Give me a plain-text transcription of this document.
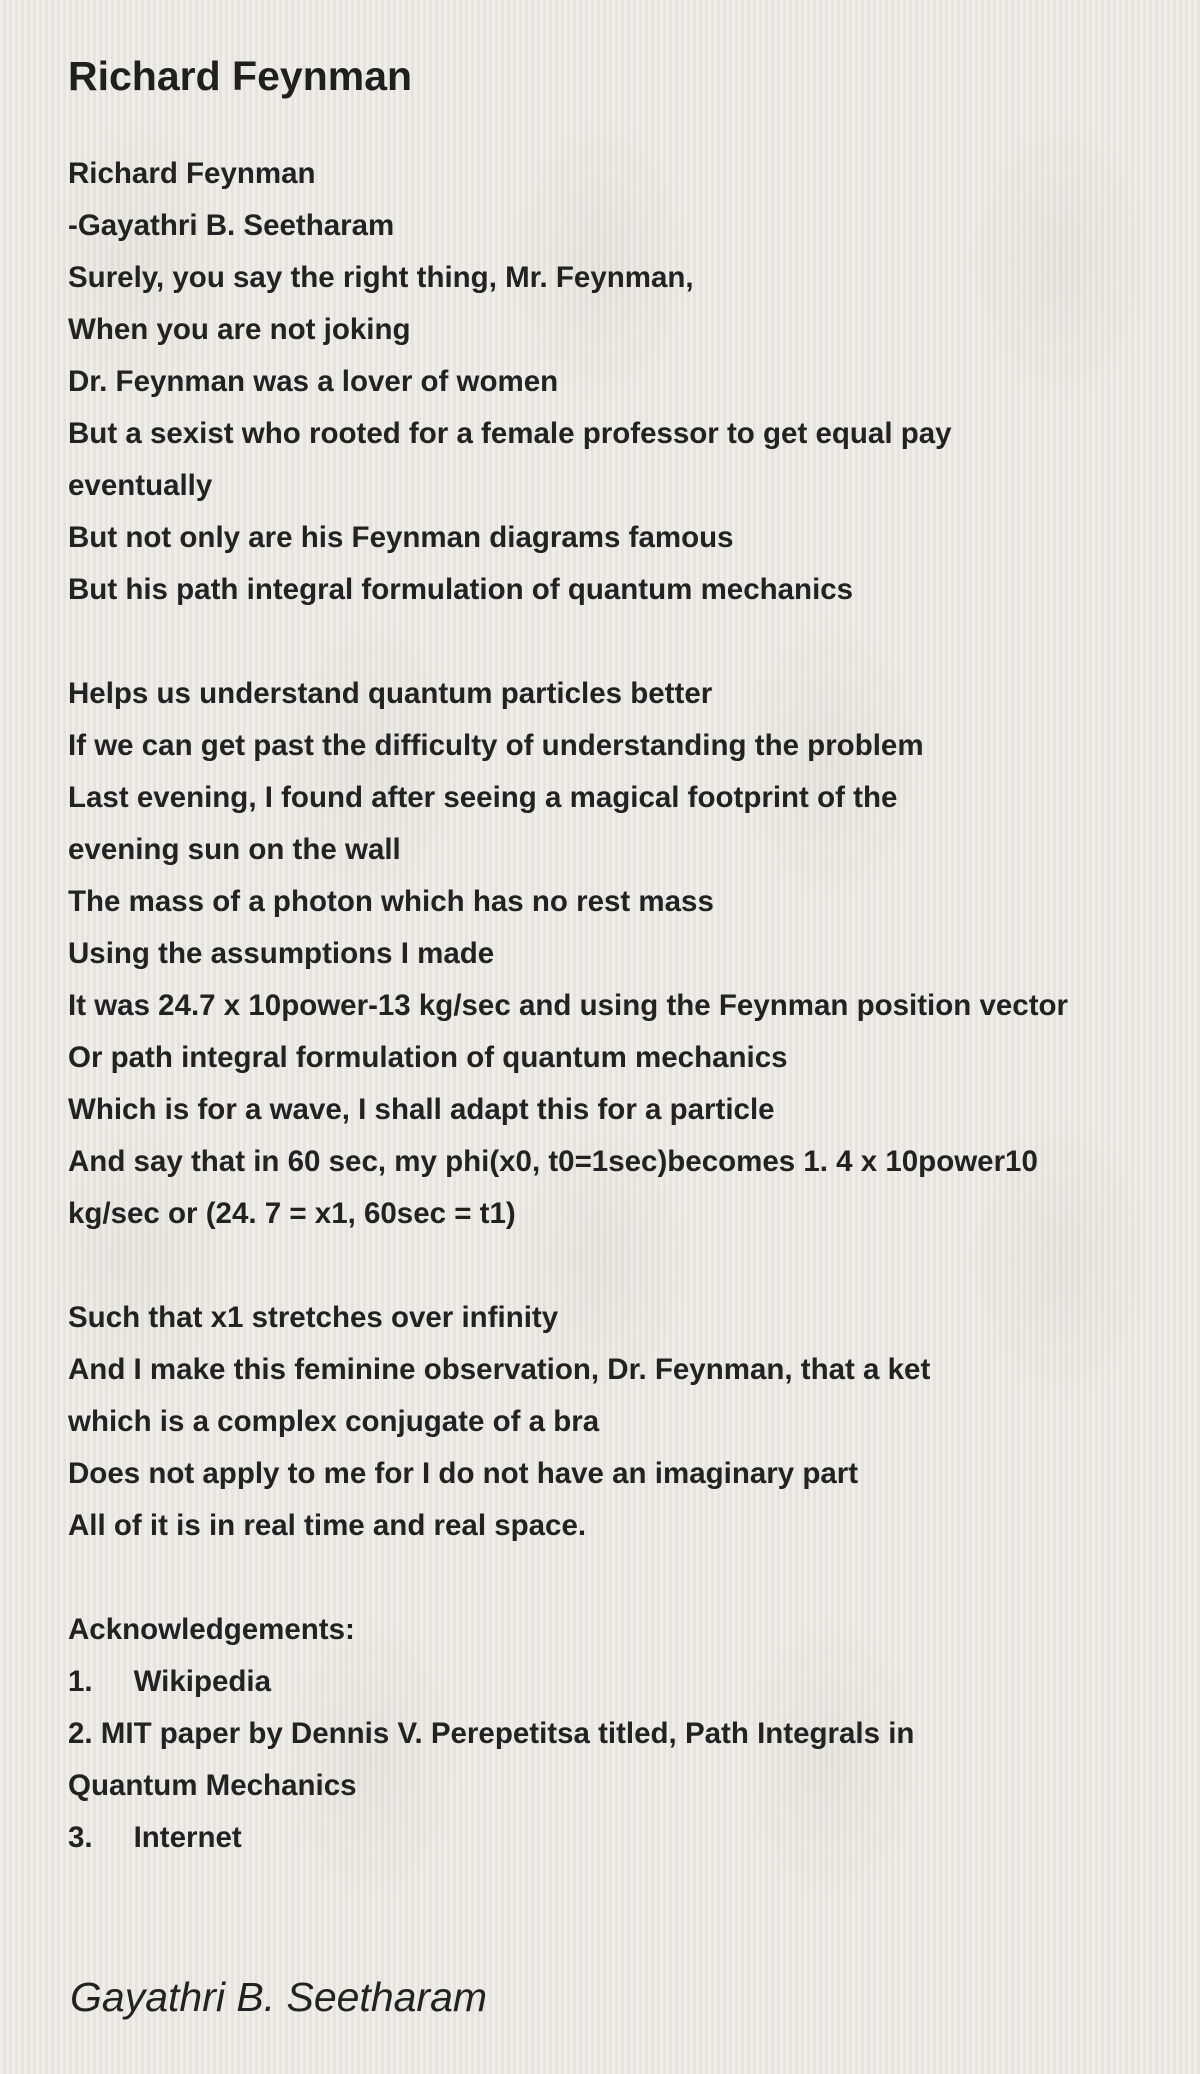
Richard Feynman
Richard Feynman
-Gayathri B. Seetharam
Surely, you say the right thing, Mr. Feynman,
When you are not joking
Dr. Feynman was a lover of women
But a sexist who rooted for a female professor to get equal pay
eventually
But not only are his Feynman diagrams famous
But his path integral formulation of quantum mechanics
Helps us understand quantum particles better
If we can get past the difficulty of understanding the problem
Last evening, I found after seeing a magical footprint of the
evening sun on the wall
The mass of a photon which has no rest mass
Using the assumptions I made
It was 24.7 x 10power-13 kg/sec and using the Feynman position vector
Or path integral formulation of quantum mechanics
Which is for a wave, I shall adapt this for a particle
And say that in 60 sec, my phi(x0, t0=1sec)becomes 1. 4 x 10power10
kg/sec or (24. 7 = x1, 60sec = t1)
Such that x1 stretches over infinity
And I make this feminine observation, Dr. Feynman, that a ket
which is a complex conjugate of a bra
Does not apply to me for I do not have an imaginary part
All of it is in real time and real space.
Acknowledgements:
1.		Wikipedia
2. MIT paper by Dennis V. Perepetitsa titled, Path Integrals in
Quantum Mechanics
3.		Internet

Gayathri B. Seetharam
